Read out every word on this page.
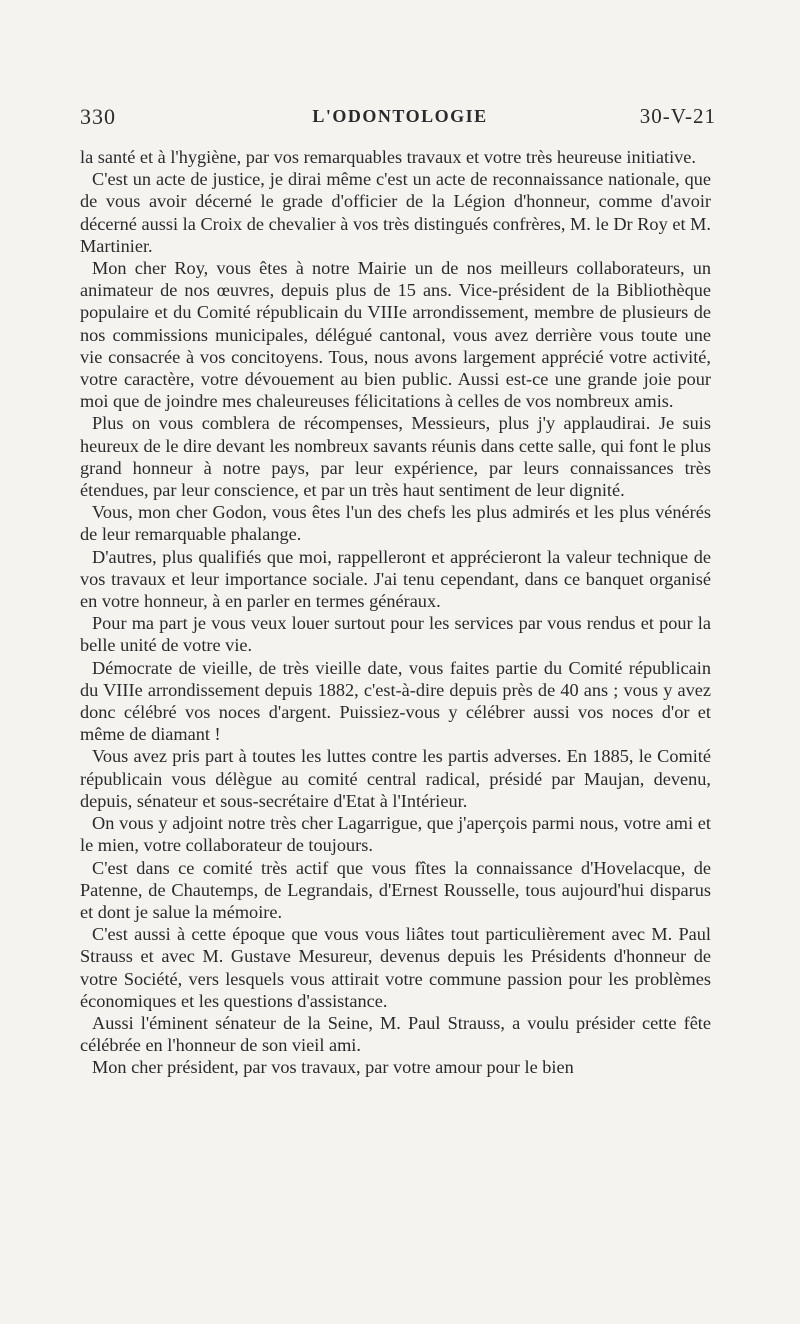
330	L'ODONTOLOGIE	30-V-21

la santé et à l'hygiène, par vos remarquables travaux et votre très heureuse initiative.

C'est un acte de justice, je dirai même c'est un acte de reconnaissance nationale, que de vous avoir décerné le grade d'officier de la Légion d'honneur, comme d'avoir décerné aussi la Croix de chevalier à vos très distingués confrères, M. le Dr Roy et M. Martinier.

Mon cher Roy, vous êtes à notre Mairie un de nos meilleurs collaborateurs, un animateur de nos œuvres, depuis plus de 15 ans. Vice-président de la Bibliothèque populaire et du Comité républicain du VIIIe arrondissement, membre de plusieurs de nos commissions municipales, délégué cantonal, vous avez derrière vous toute une vie consacrée à vos concitoyens. Tous, nous avons largement apprécié votre activité, votre caractère, votre dévouement au bien public. Aussi est-ce une grande joie pour moi que de joindre mes chaleureuses félicitations à celles de vos nombreux amis.

Plus on vous comblera de récompenses, Messieurs, plus j'y applaudirai. Je suis heureux de le dire devant les nombreux savants réunis dans cette salle, qui font le plus grand honneur à notre pays, par leur expérience, par leurs connaissances très étendues, par leur conscience, et par un très haut sentiment de leur dignité.

Vous, mon cher Godon, vous êtes l'un des chefs les plus admirés et les plus vénérés de leur remarquable phalange.

D'autres, plus qualifiés que moi, rappelleront et apprécieront la valeur technique de vos travaux et leur importance sociale. J'ai tenu cependant, dans ce banquet organisé en votre honneur, à en parler en termes généraux.

Pour ma part je vous veux louer surtout pour les services par vous rendus et pour la belle unité de votre vie.

Démocrate de vieille, de très vieille date, vous faites partie du Comité républicain du VIIIe arrondissement depuis 1882, c'est-à-dire depuis près de 40 ans ; vous y avez donc célébré vos noces d'argent. Puissiez-vous y célébrer aussi vos noces d'or et même de diamant !

Vous avez pris part à toutes les luttes contre les partis adverses. En 1885, le Comité républicain vous délègue au comité central radical, présidé par Maujan, devenu, depuis, sénateur et sous-secrétaire d'Etat à l'Intérieur.

On vous y adjoint notre très cher Lagarrigue, que j'aperçois parmi nous, votre ami et le mien, votre collaborateur de toujours.

C'est dans ce comité très actif que vous fîtes la connaissance d'Hovelacque, de Patenne, de Chautemps, de Legrandais, d'Ernest Rousselle, tous aujourd'hui disparus et dont je salue la mémoire.

C'est aussi à cette époque que vous vous liâtes tout particulièrement avec M. Paul Strauss et avec M. Gustave Mesureur, devenus depuis les Présidents d'honneur de votre Société, vers lesquels vous attirait votre commune passion pour les problèmes économiques et les questions d'assistance.

Aussi l'éminent sénateur de la Seine, M. Paul Strauss, a voulu présider cette fête célébrée en l'honneur de son vieil ami.

Mon cher président, par vos travaux, par votre amour pour le bien
